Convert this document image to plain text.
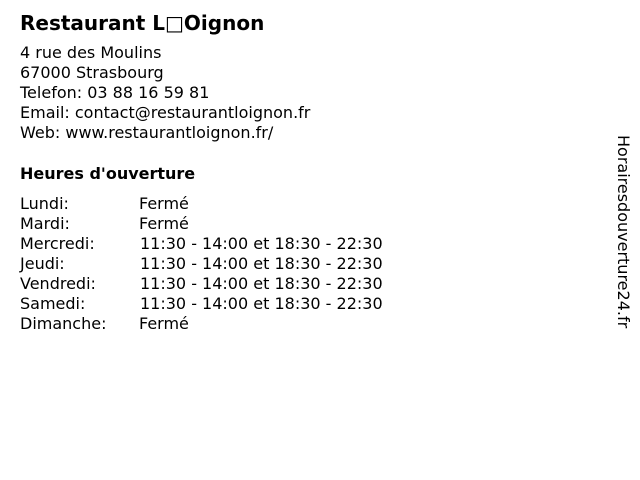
Restaurant L□Oignon
4 rue des Moulins
67000 Strasbourg
Telefon: 03 88 16 59 81
Email: contact@restaurantloignon.fr
Web: www.restaurantloignon.fr/
Heures d'ouverture
Lundi:	Fermé
Mardi:	Fermé
Mercredi:	11:30 - 14:00 et 18:30 - 22:30
Jeudi:	11:30 - 14:00 et 18:30 - 22:30
Vendredi:	11:30 - 14:00 et 18:30 - 22:30
Samedi:	11:30 - 14:00 et 18:30 - 22:30
Dimanche: Fermé	Horairesdouverture24.fr
